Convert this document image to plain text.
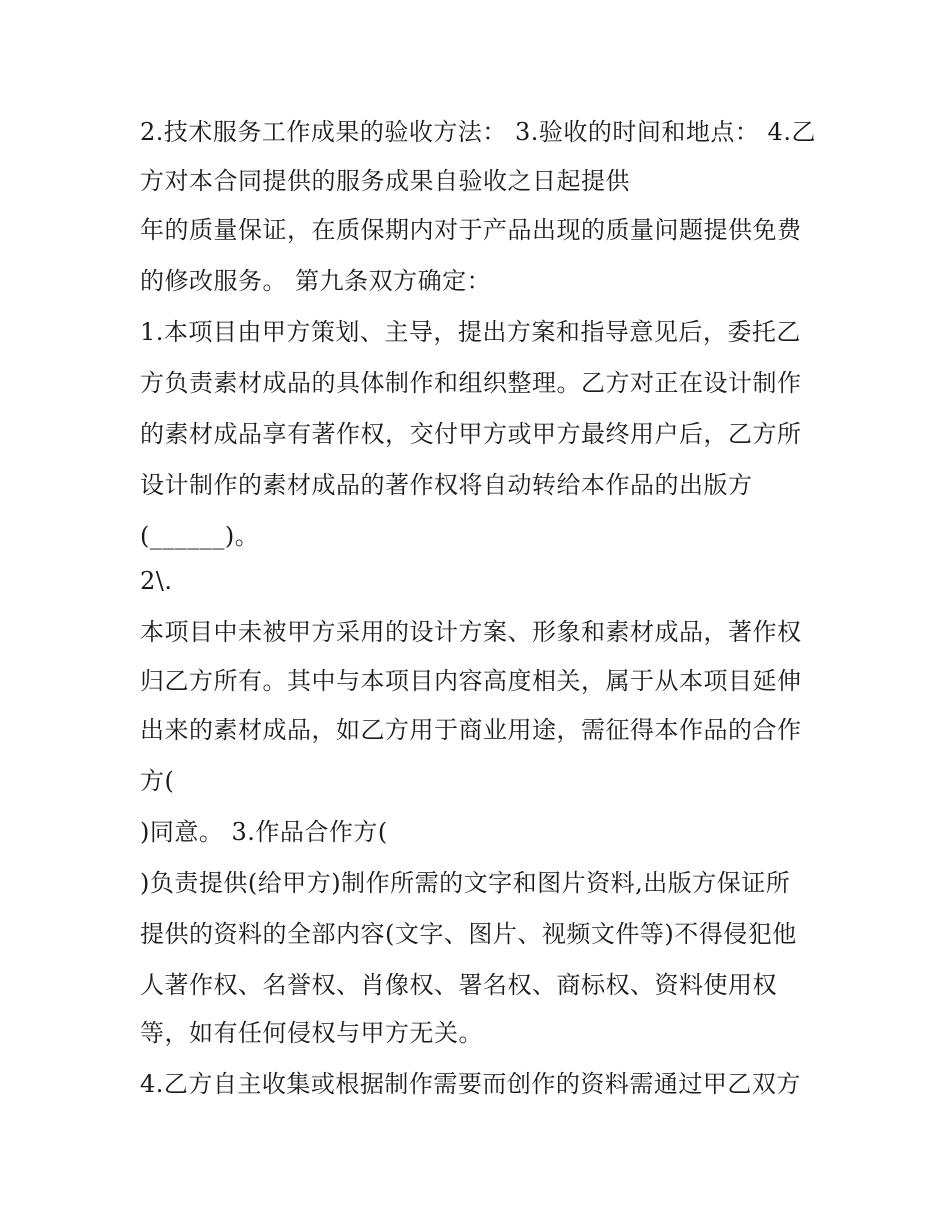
2.技术服务工作成果的验收方法： 3.验收的时间和地点： 4.乙
方对本合同提供的服务成果自验收之日起提供
年的质量保证，在质保期内对于产品出现的质量问题提供免费
的修改服务。 第九条双方确定：
1.本项目由甲方策划、主导，提出方案和指导意见后，委托乙
方负责素材成品的具体制作和组织整理。乙方对正在设计制作
的素材成品享有著作权，交付甲方或甲方最终用户后，乙方所
设计制作的素材成品的著作权将自动转给本作品的出版方
(______)。
2\.
本项目中未被甲方采用的设计方案、形象和素材成品，著作权
归乙方所有。其中与本项目内容高度相关，属于从本项目延伸
出来的素材成品，如乙方用于商业用途，需征得本作品的合作
方(
)同意。 3.作品合作方(
)负责提供(给甲方)制作所需的文字和图片资料,出版方保证所
提供的资料的全部内容(文字、图片、视频文件等)不得侵犯他
人著作权、名誉权、肖像权、署名权、商标权、资料使用权
等，如有任何侵权与甲方无关。
4.乙方自主收集或根据制作需要而创作的资料需通过甲乙双方
